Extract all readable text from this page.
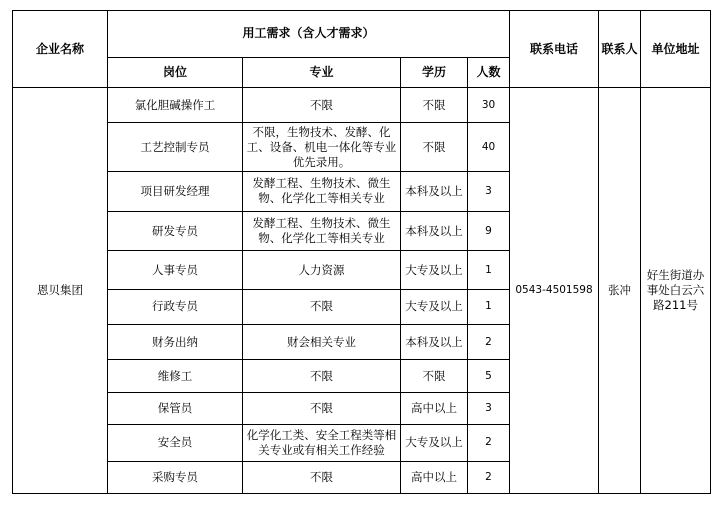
企业名称	用工需求（含人才需求）				联系电话	联系人	单位地址
	岗位	专业	学历	人数			
恩贝集团	氯化胆碱操作工	不限	不限	30	0543-4501598	张冲	好生街道办事处白云六路211号
	工艺控制专员	不限，生物技术、发酵、化工、设备、机电一体化等专业优先录用。	不限	40			
	项目研发经理	发酵工程、生物技术、微生物、化学化工等相关专业	本科及以上	3			
	研发专员	发酵工程、生物技术、微生物、化学化工等相关专业	本科及以上	9			
	人事专员	人力资源	大专及以上	1			
	行政专员	不限	大专及以上	1			
	财务出纳	财会相关专业	本科及以上	2			
	维修工	不限	不限	5			
	保管员	不限	高中以上	3			
	安全员	化学化工类、安全工程类等相关专业或有相关工作经验	大专及以上	2			
	采购专员	不限	高中以上	2			
